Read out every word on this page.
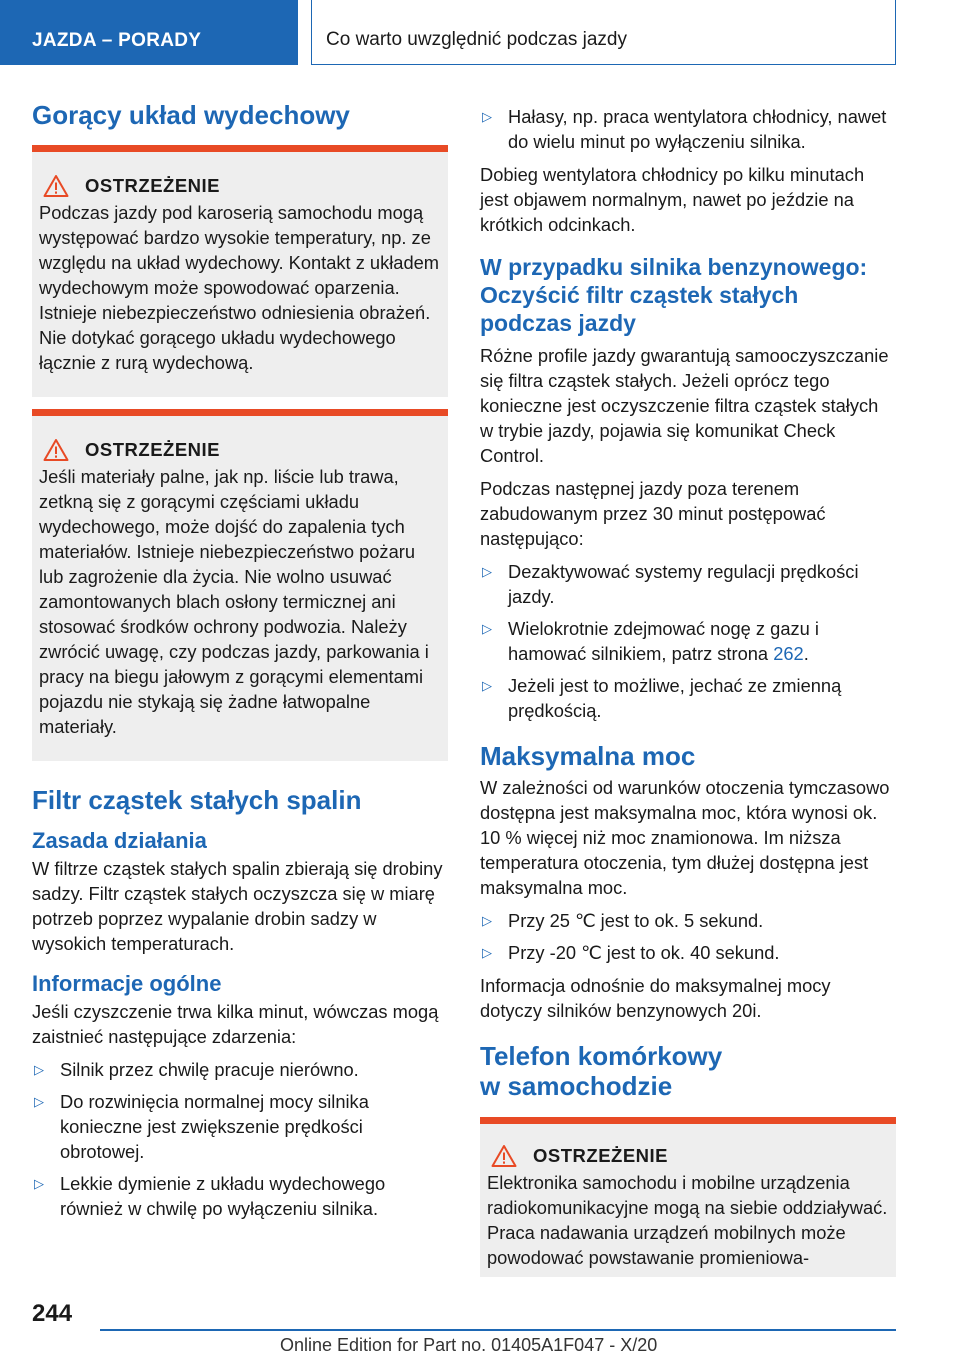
JAZDA – PORADY	Co warto uwzględnić podczas jazdy
Gorący układ wydechowy
OSTRZEŻENIE

Podczas jazdy pod karoserią samochodu mogą występować bardzo wysokie temperatury, np. ze względu na układ wydechowy. Kontakt z układem wydechowym może spowodować oparzenia. Istnieje niebezpieczeństwo odniesienia obrażeń. Nie dotykać gorącego układu wydechowego łącznie z rurą wydechową.

OSTRZEŻENIE

Jeśli materiały palne, jak np. liście lub trawa, zetkną się z gorącymi częściami układu wydechowego, może dojść do zapalenia tych materiałów. Istnieje niebezpieczeństwo pożaru lub zagrożenie dla życia. Nie wolno usuwać zamontowanych blach osłony termicznej ani stosować środków ochrony podwozia. Należy zwrócić uwagę, czy podczas jazdy, parkowania i pracy na biegu jałowym z gorącymi elementami pojazdu nie stykają się żadne łatwopalne materiały.

Filtr cząstek stałych spalin
Zasada działania

W filtrze cząstek stałych spalin zbierają się drobiny sadzy. Filtr cząstek stałych oczyszcza się w miarę potrzeb poprzez wypalanie drobin sadzy w wysokich temperaturach.

Informacje ogólne

Jeśli czyszczenie trwa kilka minut, wówczas mogą zaistnieć następujące zdarzenia:

▷ Silnik przez chwilę pracuje nierówno.
▷ Do rozwinięcia normalnej mocy silnika konieczne jest zwiększenie prędkości obrotowej.
▷ Lekkie dymienie z układu wydechowego również w chwilę po wyłączeniu silnika.
▷ Hałasy, np. praca wentylatora chłodnicy, nawet do wielu minut po wyłączeniu silnika.

Dobieg wentylatora chłodnicy po kilku minutach jest objawem normalnym, nawet po jeździe na krótkich odcinkach.

W przypadku silnika benzynowego: Oczyścić filtr cząstek stałych podczas jazdy

Różne profile jazdy gwarantują samooczyszczanie się filtra cząstek stałych. Jeżeli oprócz tego konieczne jest oczyszczenie filtra cząstek stałych w trybie jazdy, pojawia się komunikat Check Control.

Podczas następnej jazdy poza terenem zabudowanym przez 30 minut postępować następująco:

▷ Dezaktywować systemy regulacji prędkości jazdy.
▷ Wielokrotnie zdejmować nogę z gazu i hamować silnikiem, patrz strona 262.
▷ Jeżeli jest to możliwe, jechać ze zmienną prędkością.
Maksymalna moc

W zależności od warunków otoczenia tymczasowo dostępna jest maksymalna moc, która wynosi ok. 10 % więcej niż moc znamionowa. Im niższa temperatura otoczenia, tym dłużej dostępna jest maksymalna moc.

▷ Przy 25 ℃ jest to ok. 5 sekund.
▷ Przy -20 ℃ jest to ok. 40 sekund.

Informacja odnośnie do maksymalnej mocy dotyczy silników benzynowych 20i.

Telefon komórkowy
w samochodzie
OSTRZEŻENIE

Elektronika samochodu i mobilne urządzenia radiokomunikacyjne mogą na siebie oddziaływać. Praca nadawania urządzeń mobilnych może powodować powstawanie promieniowa-

244
Online Edition for Part no. 01405A1F047 - X/20
